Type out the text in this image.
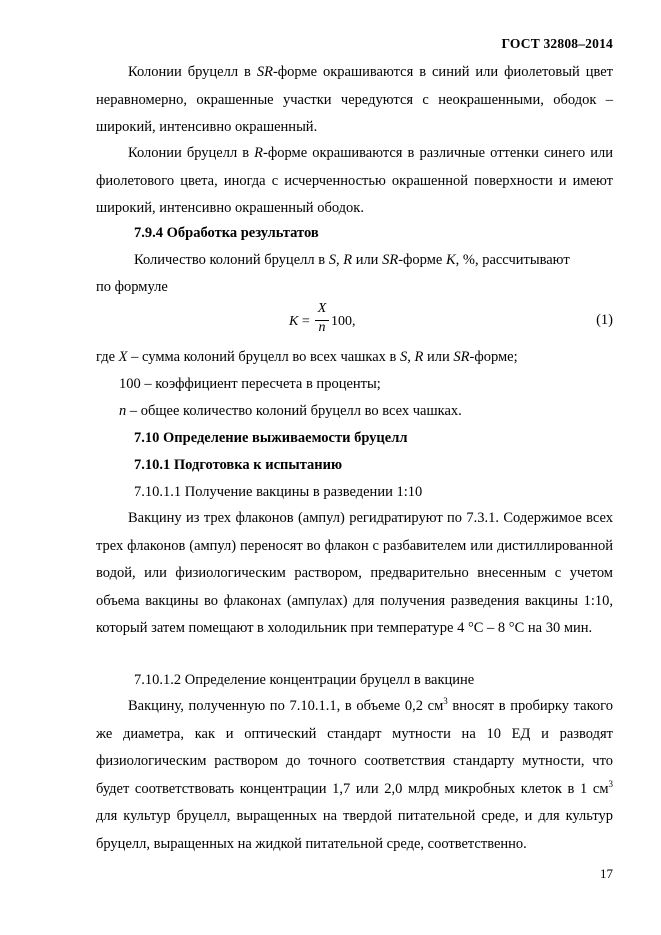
ГОСТ 32808–2014
Колонии бруцелл в SR-форме окрашиваются в синий или фиолетовый цвет неравномерно, окрашенные участки чередуются с неокрашенными, ободок – широкий, интенсивно окрашенный.
Колонии бруцелл в R-форме окрашиваются в различные оттенки синего или фиолетового цвета, иногда с исчерченностью окрашенной поверхности и имеют широкий, интенсивно окрашенный ободок.
7.9.4 Обработка результатов
Количество колоний бруцелл в S, R или SR-форме K, %, рассчитывают
по формуле
K =
X
n 100,	(1)
где X – сумма колоний бруцелл во всех чашках в S, R или SR-форме;
100 – коэффициент пересчета в проценты;
n – общее количество колоний бруцелл во всех чашках.
7.10 Определение выживаемости бруцелл
7.10.1 Подготовка к испытанию
7.10.1.1 Получение вакцины в разведении 1:10
Вакцину из трех флаконов (ампул) регидратируют по 7.3.1. Содержимое всех трех флаконов (ампул) переносят во флакон с разбавителем или дистиллированной водой, или физиологическим раствором, предварительно внесенным с учетом объема вакцины во флаконах (ампулах) для получения разведения вакцины 1:10, который затем помещают в холодильник при температуре 4 °С – 8 °С на 30 мин.
7.10.1.2 Определение концентрации бруцелл в вакцине
Вакцину, полученную по 7.10.1.1, в объеме 0,2 $см^3$ вносят в пробирку такого же диаметра, как и оптический стандарт мутности на 10 ЕД и разводят физиологическим раствором до точного соответствия стандарту мутности, что будет соответствовать концентрации 1,7 или 2,0 млрд микробных клеток в 1 $см^3$ для культур бруцелл, выращенных на твердой питательной среде, и для культур бруцелл, выращенных на жидкой питательной среде, соответственно.
17
